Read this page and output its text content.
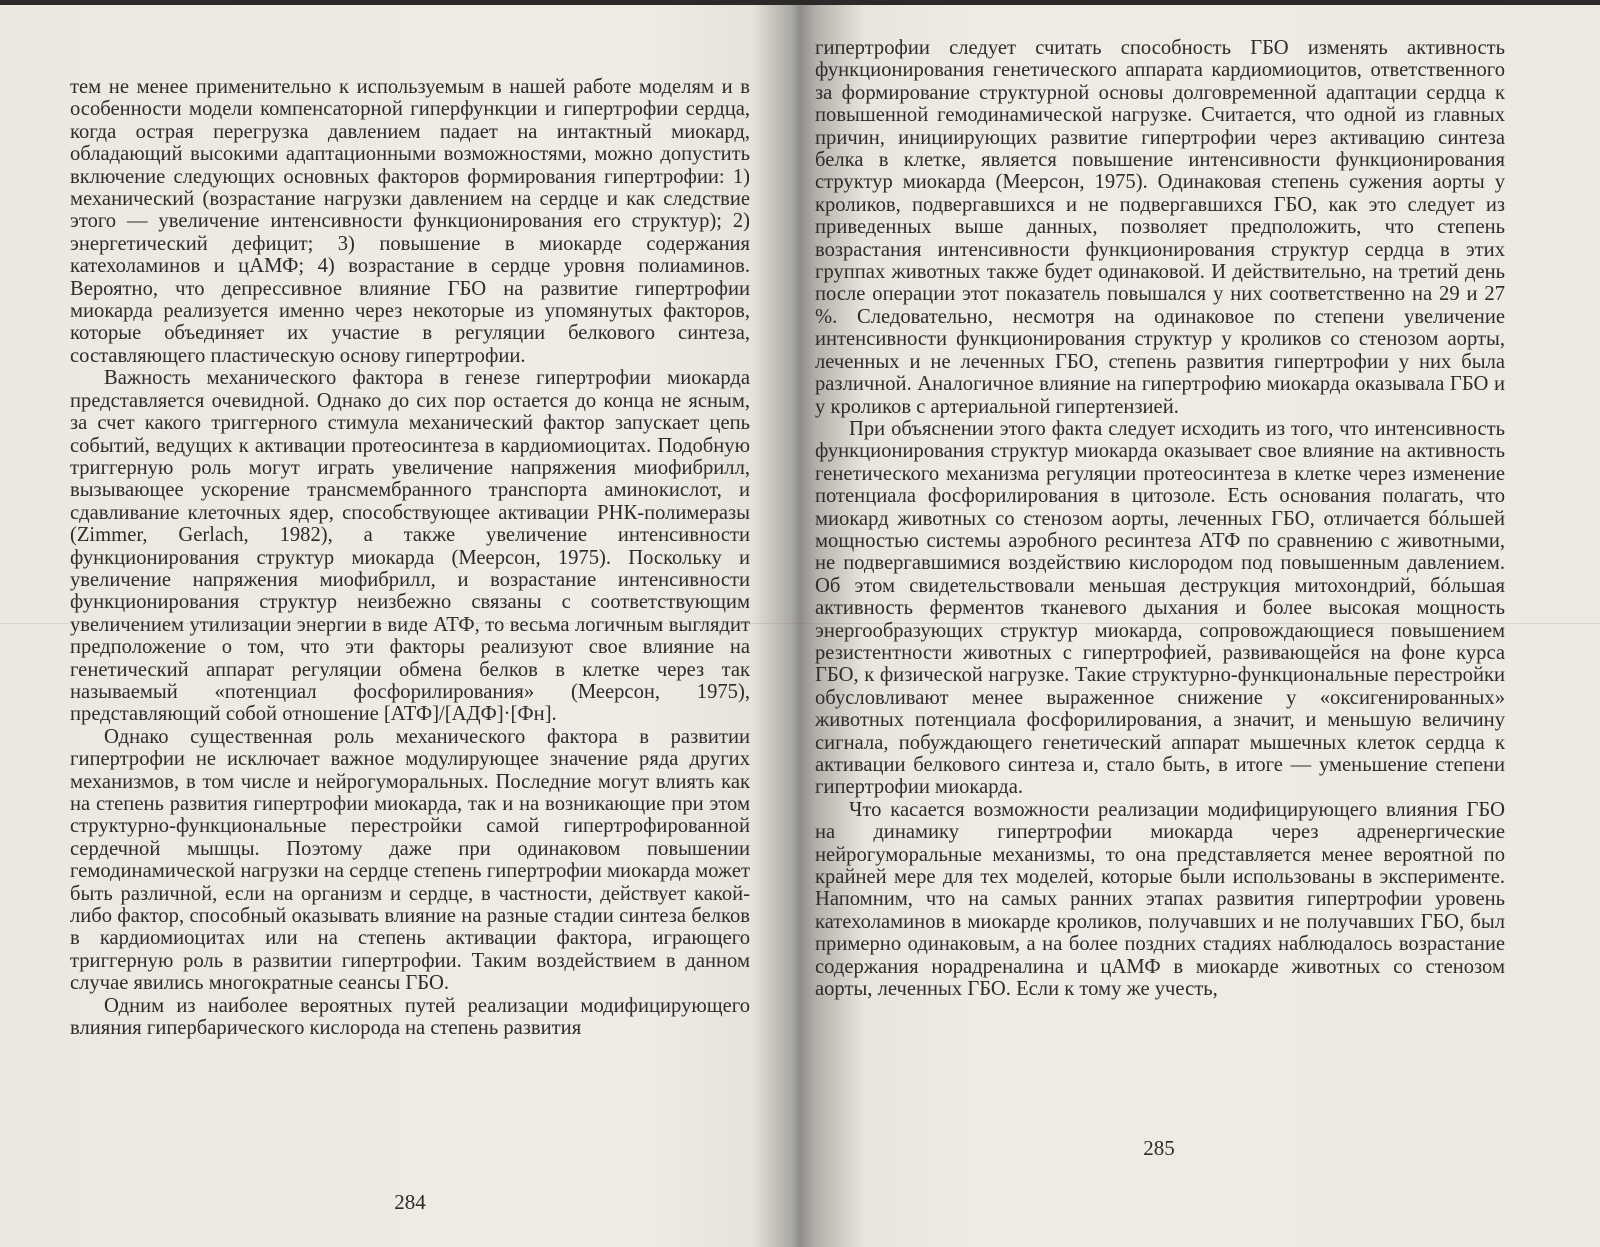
тем не менее применительно к используемым в нашей работе моделям и в особенности модели компенсаторной гиперфункции и гипертрофии сердца, когда острая перегрузка давлением падает на интактный миокард, обладающий высокими адаптационными возможностями, можно допустить включение следующих основных факторов формирования гипертрофии: 1) механический (возрастание нагрузки давлением на сердце и как следствие этого — увеличение интенсивности функционирования его структур); 2) энергетический дефицит; 3) повышение в миокарде содержания катехоламинов и цАМФ; 4) возрастание в сердце уровня полиаминов. Вероятно, что депрессивное влияние ГБО на развитие гипертрофии миокарда реализуется именно через некоторые из упомянутых факторов, которые объединяет их участие в регуляции белкового синтеза, составляющего пластическую основу гипертрофии.

Важность механического фактора в генезе гипертрофии миокарда представляется очевидной. Однако до сих пор остается до конца не ясным, за счет какого триггерного стимула механический фактор запускает цепь событий, ведущих к активации протеосинтеза в кардиомиоцитах. Подобную триггерную роль могут играть увеличение напряжения миофибрилл, вызывающее ускорение трансмембранного транспорта аминокислот, и сдавливание клеточных ядер, способствующее активации РНК-полимеразы (Zimmer, Gerlach, 1982), а также увеличение интенсивности функционирования структур миокарда (Меерсон, 1975). Поскольку и увеличение напряжения миофибрилл, и возрастание интенсивности функционирования структур неизбежно связаны с соответствующим увеличением утилизации энергии в виде АТФ, то весьма логичным выглядит предположение о том, что эти факторы реализуют свое влияние на генетический аппарат регуляции обмена белков в клетке через так называемый «потенциал фосфорилирования» (Меерсон, 1975), представляющий собой отношение [АТФ]/[АДФ]·[Фн].

Однако существенная роль механического фактора в развитии гипертрофии не исключает важное модулирующее значение ряда других механизмов, в том числе и нейрогуморальных. Последние могут влиять как на степень развития гипертрофии миокарда, так и на возникающие при этом структурно-функциональные перестройки самой гипертрофированной сердечной мышцы. Поэтому даже при одинаковом повышении гемодинамической нагрузки на сердце степень гипертрофии миокарда может быть различной, если на организм и сердце, в частности, действует какой-либо фактор, способный оказывать влияние на разные стадии синтеза белков в кардиомиоцитах или на степень активации фактора, играющего триггерную роль в развитии гипертрофии. Таким воздействием в данном случае явились многократные сеансы ГБО.

Одним из наиболее вероятных путей реализации модифицирующего влияния гипербарического кислорода на степень развития

284

гипертрофии следует считать способность ГБО изменять активность функционирования генетического аппарата кардиомиоцитов, ответственного за формирование структурной основы долговременной адаптации сердца к повышенной гемодинамической нагрузке. Считается, что одной из главных причин, инициирующих развитие гипертрофии через активацию синтеза белка в клетке, является повышение интенсивности функционирования структур миокарда (Меерсон, 1975). Одинаковая степень сужения аорты у кроликов, подвергавшихся и не подвергавшихся ГБО, как это следует из приведенных выше данных, позволяет предположить, что степень возрастания интенсивности функционирования структур сердца в этих группах животных также будет одинаковой. И действительно, на третий день после операции этот показатель повышался у них соответственно на 29 и 27 %. Следовательно, несмотря на одинаковое по степени увеличение интенсивности функционирования структур у кроликов со стенозом аорты, леченных и не леченных ГБО, степень развития гипертрофии у них была различной. Аналогичное влияние на гипертрофию миокарда оказывала ГБО и у кроликов с артериальной гипертензией.

При объяснении этого факта следует исходить из того, что интенсивность функционирования структур миокарда оказывает свое влияние на активность генетического механизма регуляции протеосинтеза в клетке через изменение потенциала фосфорилирования в цитозоле. Есть основания полагать, что миокард животных со стенозом аорты, леченных ГБО, отличается бóльшей мощностью системы аэробного ресинтеза АТФ по сравнению с животными, не подвергавшимися воздействию кислородом под повышенным давлением. Об этом свидетельствовали меньшая деструкция митохондрий, бóльшая активность ферментов тканевого дыхания и более высокая мощность энергообразующих структур миокарда, сопровождающиеся повышением резистентности животных с гипертрофией, развивающейся на фоне курса ГБО, к физической нагрузке. Такие структурно-функциональные перестройки обусловливают менее выраженное снижение у «оксигенированных» животных потенциала фосфорилирования, а значит, и меньшую величину сигнала, побуждающего генетический аппарат мышечных клеток сердца к активации белкового синтеза и, стало быть, в итоге — уменьшение степени гипертрофии миокарда.

Что касается возможности реализации модифицирующего влияния ГБО на динамику гипертрофии миокарда через адренергические нейрогуморальные механизмы, то она представляется менее вероятной по крайней мере для тех моделей, которые были использованы в эксперименте. Напомним, что на самых ранних этапах развития гипертрофии уровень катехоламинов в миокарде кроликов, получавших и не получавших ГБО, был примерно одинаковым, а на более поздних стадиях наблюдалось возрастание содержания норадреналина и цАМФ в миокарде животных со стенозом аорты, леченных ГБО. Если к тому же учесть,

285
